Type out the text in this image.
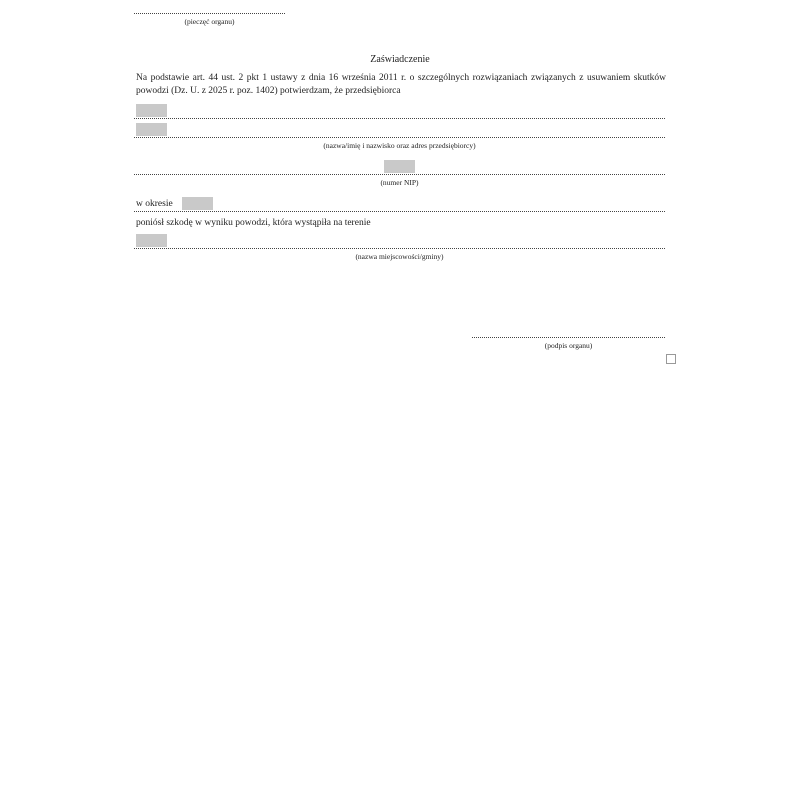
(pieczęć organu)
Zaświadczenie
Na podstawie art. 44 ust. 2 pkt 1 ustawy z dnia 16 września 2011 r. o szczególnych rozwiązaniach związanych z usuwaniem skutków powodzi (Dz. U. z 2025 r. poz. 1402) potwierdzam, że przedsiębiorca
(nazwa/imię i nazwisko oraz adres przedsiębiorcy)
(numer NIP)
w okresie
poniósł szkodę w wyniku powodzi, która wystąpiła na terenie
(nazwa miejscowości/gminy)
(podpis organu)
